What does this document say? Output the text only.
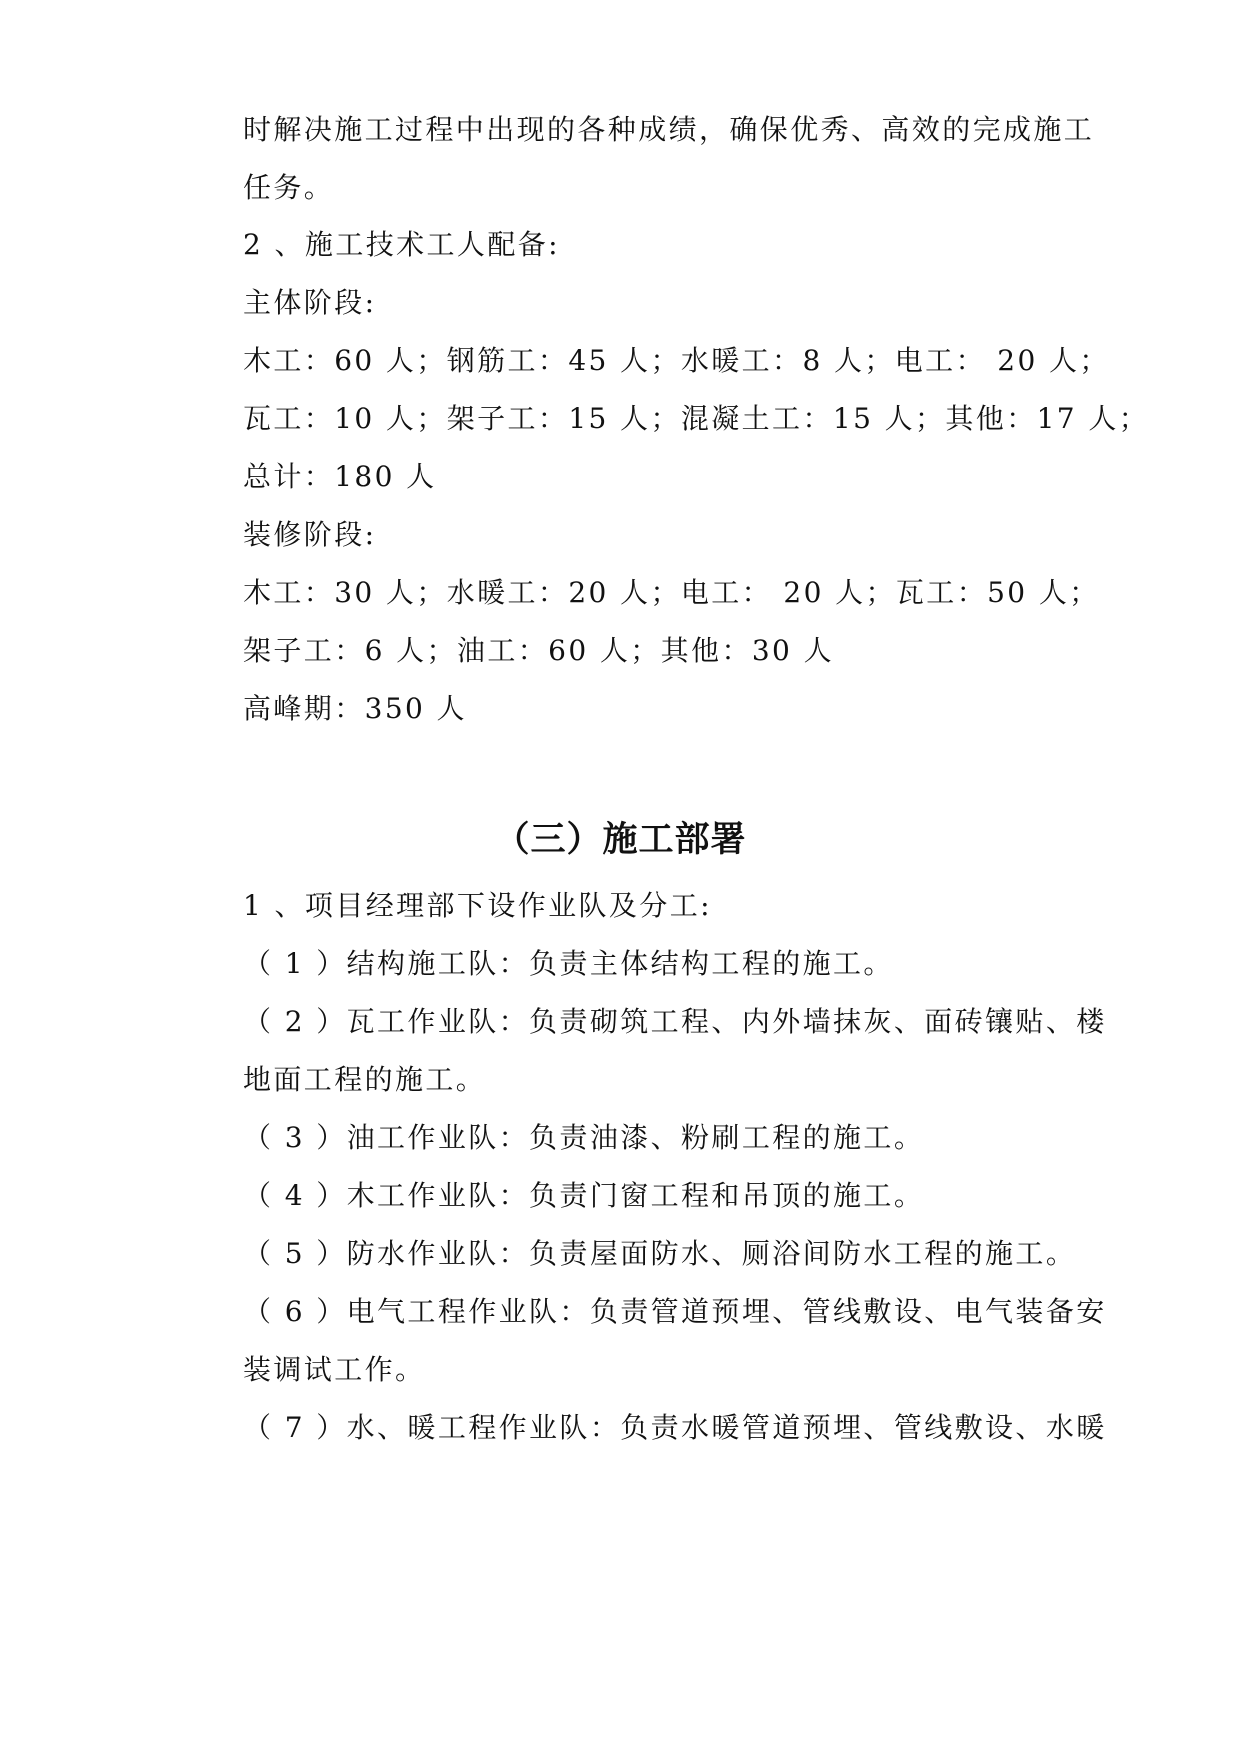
时解决施工过程中出现的各种成绩，确保优秀、高效的完成施工
任务。
2 、施工技术工人配备:
主体阶段:
木工：60 人；钢筋工：45 人；水暖工：8 人；电工： 20 人；
瓦工：10 人；架子工：15 人；混凝土工：15 人；其他：17 人；
总计：180 人
装修阶段:
木工：30 人；水暖工：20 人；电工： 20 人；瓦工：50 人；
架子工：6 人；油工：60 人；其他：30 人
高峰期：350 人
（三）施工部署
1 、项目经理部下设作业队及分工:
（ 1 ）结构施工队：负责主体结构工程的施工。
（ 2 ）瓦工作业队：负责砌筑工程、内外墙抹灰、面砖镶贴、楼
地面工程的施工。
（ 3 ）油工作业队：负责油漆、粉刷工程的施工。
（ 4 ）木工作业队：负责门窗工程和吊顶的施工。
（ 5 ）防水作业队：负责屋面防水、厕浴间防水工程的施工。
（ 6 ）电气工程作业队：负责管道预埋、管线敷设、电气装备安
装调试工作。
（ 7 ）水、暖工程作业队：负责水暖管道预埋、管线敷设、水暖
